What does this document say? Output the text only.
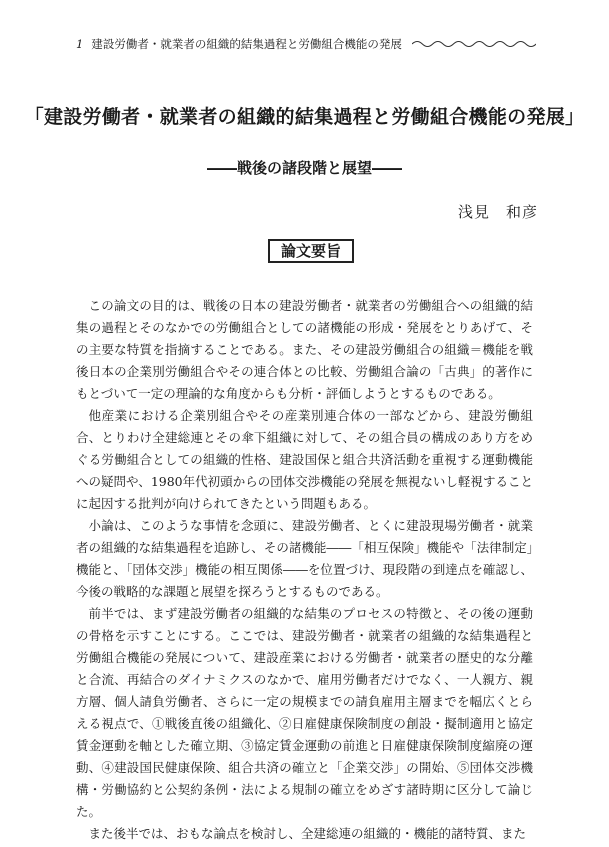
1 建設労働者・就業者の組織的結集過程と労働組合機能の発展
「建設労働者・就業者の組織的結集過程と労働組合機能の発展」
――戦後の諸段階と展望――
浅見　和彦
論文要旨

この論文の目的は、戦後の日本の建設労働者・就業者の労働組合への組織的結集の過程とそのなかでの労働組合としての諸機能の形成・発展をとりあげて、その主要な特質を指摘することである。また、その建設労働組合の組織＝機能を戦後日本の企業別労働組合やその連合体との比較、労働組合論の「古典」的著作にもとづいて一定の理論的な角度からも分析・評価しようとするものである。

他産業における企業別組合やその産業別連合体の一部などから、建設労働組合、とりわけ全建総連とその傘下組織に対して、その組合員の構成のあり方をめぐる労働組合としての組織的性格、建設国保と組合共済活動を重視する運動機能への疑問や、1980年代初頭からの団体交渉機能の発展を無視ないし軽視することに起因する批判が向けられてきたという問題もある。

小論は、このような事情を念頭に、建設労働者、とくに建設現場労働者・就業者の組織的な結集過程を追跡し、その諸機能――「相互保険」機能や「法律制定」機能と、「団体交渉」機能の相互関係――を位置づけ、現段階の到達点を確認し、今後の戦略的な課題と展望を探ろうとするものである。

前半では、まず建設労働者の組織的な結集のプロセスの特徴と、その後の運動の骨格を示すことにする。ここでは、建設労働者・就業者の組織的な結集過程と労働組合機能の発展について、建設産業における労働者・就業者の歴史的な分離と合流、再結合のダイナミクスのなかで、雇用労働者だけでなく、一人親方、親方層、個人請負労働者、さらに一定の規模までの請負雇用主層までを幅広くとらえる視点で、①戦後直後の組織化、②日雇健康保険制度の創設・擬制適用と協定賃金運動を軸とした確立期、③協定賃金運動の前進と日雇健康保険制度縮廃の運動、④建設国民健康保険、組合共済の確立と「企業交渉」の開始、⑤団体交渉機構・労働協約と公契約条例・法による規制の確立をめざす諸時期に区分して論じた。

また後半では、おもな論点を検討し、全建総連の組織的・機能的諸特質、また
